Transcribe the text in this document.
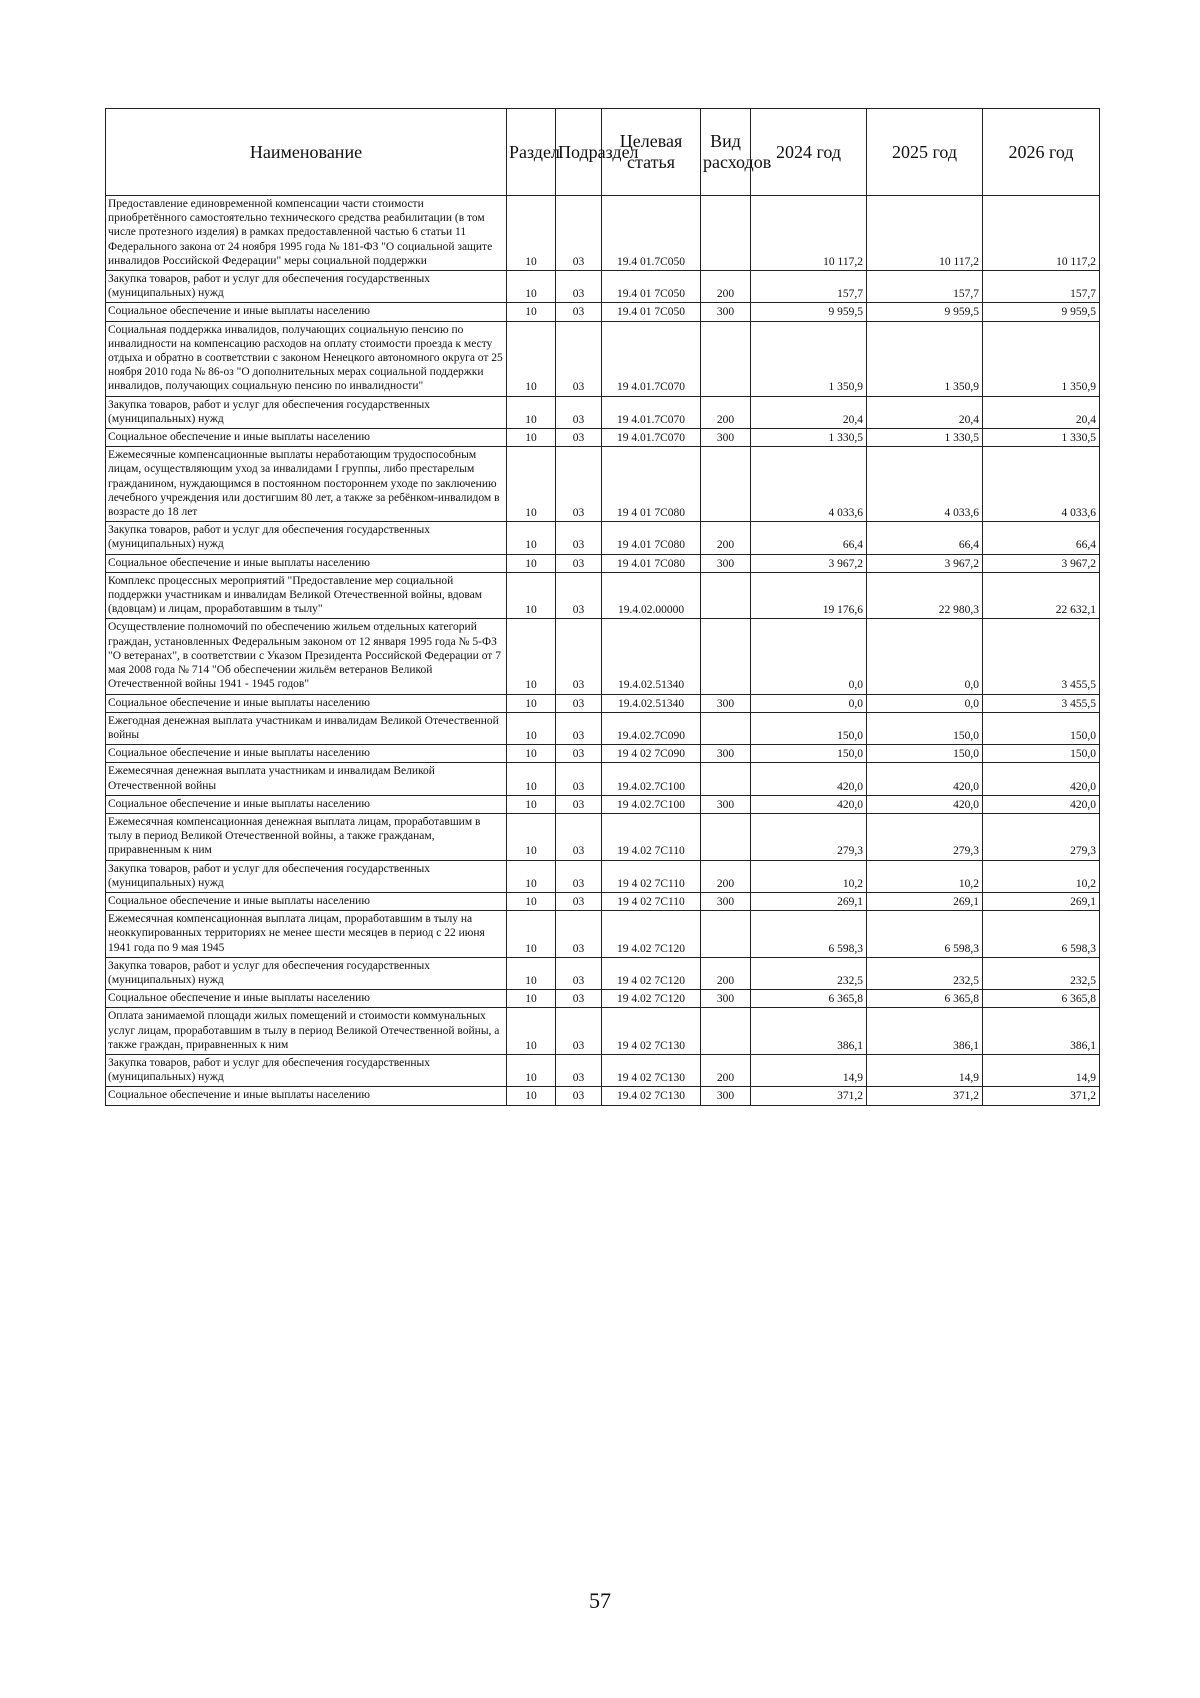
Наименование	Раздел	Подраздел	Целевая статья	Вид расходов	2024 год	2025 год	2026 год
Предоставление единовременной компенсации части стоимости приобретённого самостоятельно технического средства реабилитации (в том числе протезного изделия) в рамках предоставленной частью 6 статьи 11 Федерального закона от 24 ноября 1995 года № 181-ФЗ "О социальной защите инвалидов Российской Федерации" меры социальной поддержки	10	03	19.4 01.7С050		10 117,2	10 117,2	10 117,2
Закупка товаров, работ и услуг для обеспечения государственных (муниципальных) нужд	10	03	19.4 01 7С050	200	157,7	157,7	157,7
Социальное обеспечение и иные выплаты населению	10	03	19.4 01 7С050	300	9 959,5	9 959,5	9 959,5
Социальная поддержка инвалидов, получающих социальную пенсию по инвалидности на компенсацию расходов на оплату стоимости проезда к месту отдыха и обратно в соответствии с законом Ненецкого автономного округа от 25 ноября 2010 года № 86-оз "О дополнительных мерах социальной поддержки инвалидов, получающих социальную пенсию по инвалидности"	10	03	19 4.01.7С070		1 350,9	1 350,9	1 350,9
Закупка товаров, работ и услуг для обеспечения государственных (муниципальных) нужд	10	03	19 4.01.7С070	200	20,4	20,4	20,4
Социальное обеспечение и иные выплаты населению	10	03	19 4.01.7С070	300	1 330,5	1 330,5	1 330,5
Ежемесячные компенсационные выплаты неработающим трудоспособным лицам, осуществляющим уход за инвалидами I группы, либо престарелым гражданином, нуждающимся в постоянном постороннем уходе по заключению лечебного учреждения или достигшим 80 лет, а также за ребёнком-инвалидом в возрасте до 18 лет	10	03	19 4 01 7С080		4 033,6	4 033,6	4 033,6
Закупка товаров, работ и услуг для обеспечения государственных (муниципальных) нужд	10	03	19 4.01 7С080	200	66,4	66,4	66,4
Социальное обеспечение и иные выплаты населению	10	03	19 4.01 7С080	300	3 967,2	3 967,2	3 967,2
Комплекс процессных мероприятий "Предоставление мер социальной поддержки участникам и инвалидам Великой Отечественной войны, вдовам (вдовцам) и лицам, проработавшим в тылу"	10	03	19.4.02.00000		19 176,6	22 980,3	22 632,1
Осуществление полномочий по обеспечению жильем отдельных категорий граждан, установленных Федеральным законом от 12 января 1995 года № 5-ФЗ "О ветеранах", в соответствии с Указом Президента Российской Федерации от 7 мая 2008 года № 714 "Об обеспечении жильём ветеранов Великой Отечественной войны 1941 - 1945 годов"	10	03	19.4.02.51340		0,0	0,0	3 455,5
Социальное обеспечение и иные выплаты населению	10	03	19.4.02.51340	300	0,0	0,0	3 455,5
Ежегодная денежная выплата участникам и инвалидам Великой Отечественной войны	10	03	19.4.02.7С090		150,0	150,0	150,0
Социальное обеспечение и иные выплаты населению	10	03	19 4 02 7С090	300	150,0	150,0	150,0
Ежемесячная денежная выплата участникам и инвалидам Великой Отечественной войны	10	03	19.4.02.7С100		420,0	420,0	420,0
Социальное обеспечение и иные выплаты населению	10	03	19 4.02.7С100	300	420,0	420,0	420,0
Ежемесячная компенсационная денежная выплата лицам, проработавшим в тылу в период Великой Отечественной войны, а также гражданам, приравненным к ним	10	03	19 4.02 7С110		279,3	279,3	279,3
Закупка товаров, работ и услуг для обеспечения государственных (муниципальных) нужд	10	03	19 4 02 7С110	200	10,2	10,2	10,2
Социальное обеспечение и иные выплаты населению	10	03	19 4 02 7С110	300	269,1	269,1	269,1
Ежемесячная компенсационная выплата лицам, проработавшим в тылу на неоккупированных территориях не менее шести месяцев в период с 22 июня 1941 года по 9 мая 1945	10	03	19 4.02 7С120		6 598,3	6 598,3	6 598,3
Закупка товаров, работ и услуг для обеспечения государственных (муниципальных) нужд	10	03	19 4 02 7С120	200	232,5	232,5	232,5
Социальное обеспечение и иные выплаты населению	10	03	19 4.02 7С120	300	6 365,8	6 365,8	6 365,8
Оплата занимаемой площади жилых помещений и стоимости коммунальных услуг лицам, проработавшим в тылу в период Великой Отечественной войны, а также граждан, приравненных к ним	10	03	19 4 02 7С130		386,1	386,1	386,1
Закупка товаров, работ и услуг для обеспечения государственных (муниципальных) нужд	10	03	19 4 02 7С130	200	14,9	14,9	14,9
Социальное обеспечение и иные выплаты населению	10	03	19.4 02 7С130	300	371,2	371,2	371,2
57
